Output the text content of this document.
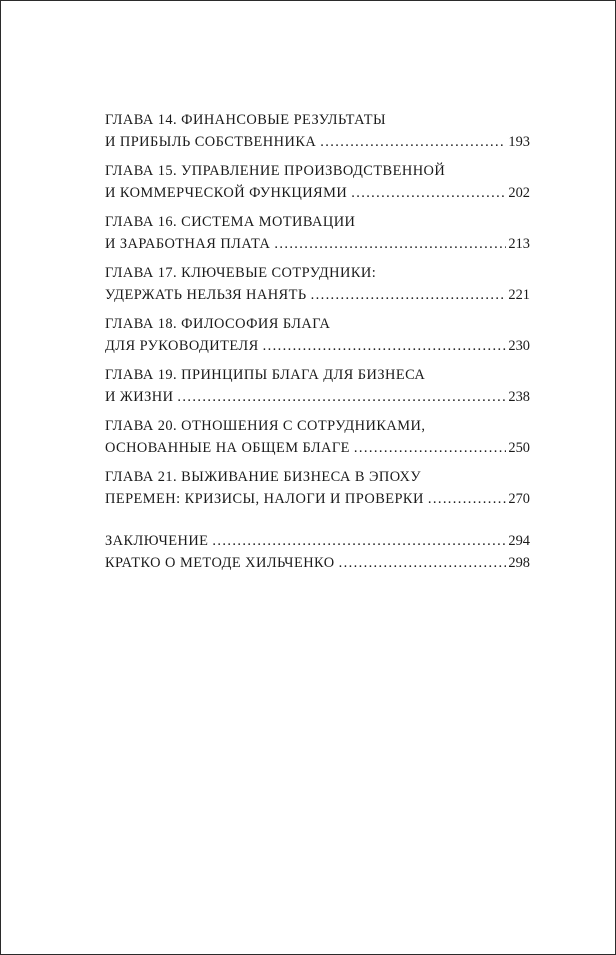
ГЛАВА 14. ФИНАНСОВЫЕ РЕЗУЛЬТАТЫ
И ПРИБЫЛЬ СОБСТВЕННИКА . . .	193
ГЛАВА 15. УПРАВЛЕНИЕ ПРОИЗВОДСТВЕННОЙ
И КОММЕРЧЕСКОЙ ФУНКЦИЯМИ . . .	202
ГЛАВА 16. СИСТЕМА МОТИВАЦИИ
И ЗАРАБОТНАЯ ПЛАТА . . .	213
ГЛАВА 17. КЛЮЧЕВЫЕ СОТРУДНИКИ:
УДЕРЖАТЬ НЕЛЬЗЯ НАНЯТЬ . . .	221
ГЛАВА 18. ФИЛОСОФИЯ БЛАГА
ДЛЯ РУКОВОДИТЕЛЯ . . .	230
ГЛАВА 19. ПРИНЦИПЫ БЛАГА ДЛЯ БИЗНЕСА
И ЖИЗНИ . . .	238
ГЛАВА 20. ОТНОШЕНИЯ С СОТРУДНИКАМИ,
ОСНОВАННЫЕ НА ОБЩЕМ БЛАГЕ . . .	250
ГЛАВА 21. ВЫЖИВАНИЕ БИЗНЕСА В ЭПОХУ
ПЕРЕМЕН: КРИЗИСЫ, НАЛОГИ И ПРОВЕРКИ . . .	270
ЗАКЛЮЧЕНИЕ . . .	294
КРАТКО О МЕТОДЕ ХИЛЬЧЕНКО . . .	298
